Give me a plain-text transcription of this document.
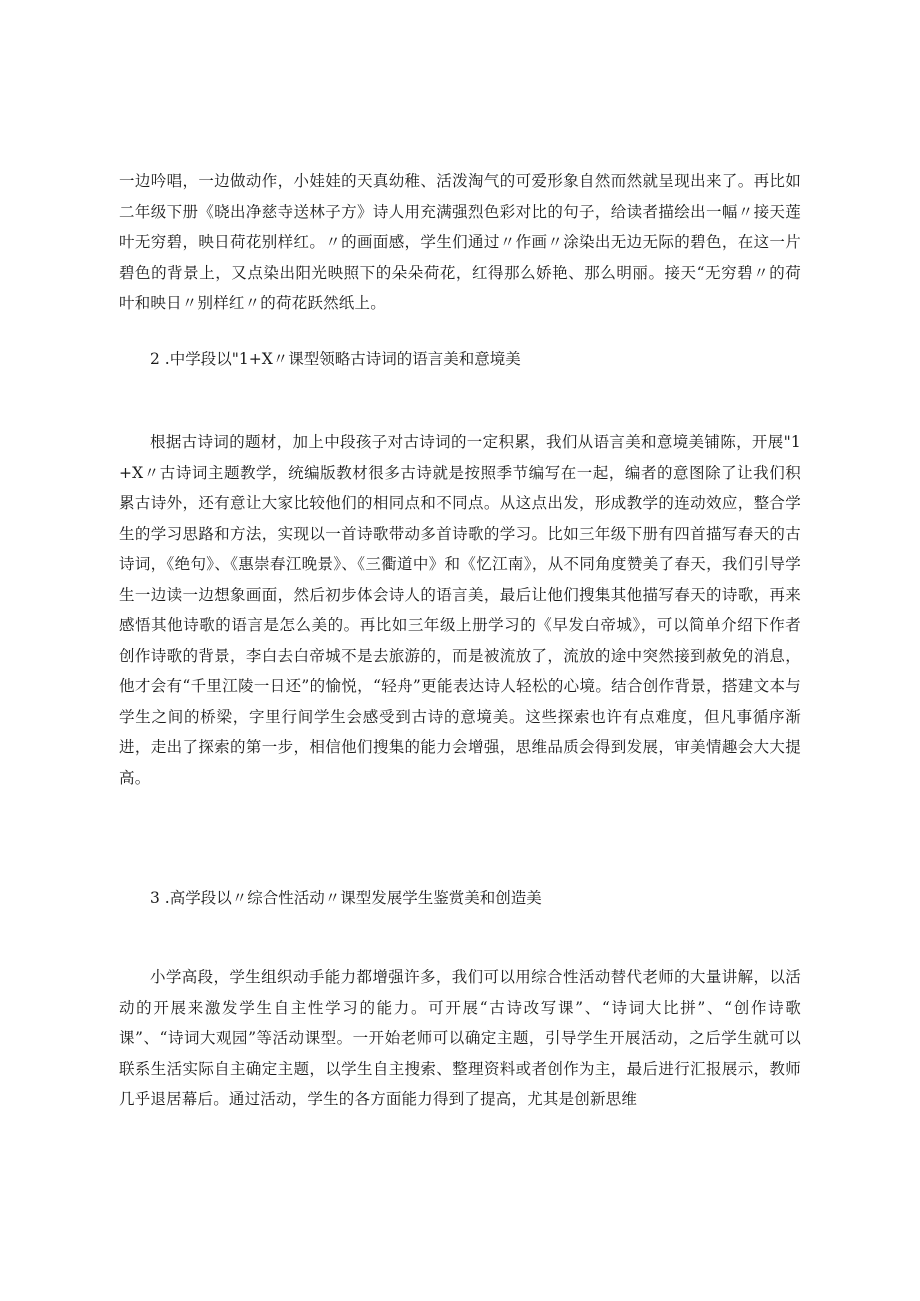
一边吟唱，一边做动作，小娃娃的天真幼稚、活泼淘气的可爱形象自然而然就呈现出来了。再比如二年级下册《晓出净慈寺送林子方》诗人用充满强烈色彩对比的句子，给读者描绘出一幅〃接天莲叶无穷碧，映日荷花别样红。〃的画面感，学生们通过〃作画〃涂染出无边无际的碧色，在这一片碧色的背景上，又点染出阳光映照下的朵朵荷花，红得那么娇艳、那么明丽。接天“无穷碧〃的荷叶和映日〃别样红〃的荷花跃然纸上。

2 .中学段以"1+X〃课型领略古诗词的语言美和意境美

根据古诗词的题材，加上中段孩子对古诗词的一定积累，我们从语言美和意境美铺陈，开展"1+X〃古诗词主题教学，统编版教材很多古诗就是按照季节编写在一起，编者的意图除了让我们积累古诗外，还有意让大家比较他们的相同点和不同点。从这点出发，形成教学的连动效应，整合学生的学习思路和方法，实现以一首诗歌带动多首诗歌的学习。比如三年级下册有四首描写春天的古诗词，《绝句》、《惠崇春江晚景》、《三衢道中》和《忆江南》，从不同角度赞美了春天，我们引导学生一边读一边想象画面，然后初步体会诗人的语言美，最后让他们搜集其他描写春天的诗歌，再来感悟其他诗歌的语言是怎么美的。再比如三年级上册学习的《早发白帝城》，可以简单介绍下作者创作诗歌的背景，李白去白帝城不是去旅游的，而是被流放了，流放的途中突然接到赦免的消息，他才会有“千里江陵一日还”的愉悦，“轻舟”更能表达诗人轻松的心境。结合创作背景，搭建文本与学生之间的桥梁，字里行间学生会感受到古诗的意境美。这些探索也许有点难度，但凡事循序渐进，走出了探索的第一步，相信他们搜集的能力会增强，思维品质会得到发展，审美情趣会大大提高。

3 .高学段以〃综合性活动〃课型发展学生鉴赏美和创造美

小学高段，学生组织动手能力都增强许多，我们可以用综合性活动替代老师的大量讲解，以活动的开展来激发学生自主性学习的能力。可开展“古诗改写课”、“诗词大比拼”、“创作诗歌课”、“诗词大观园”等活动课型。一开始老师可以确定主题，引导学生开展活动，之后学生就可以联系生活实际自主确定主题，以学生自主搜索、整理资料或者创作为主，最后进行汇报展示，教师几乎退居幕后。通过活动，学生的各方面能力得到了提高，尤其是创新思维
